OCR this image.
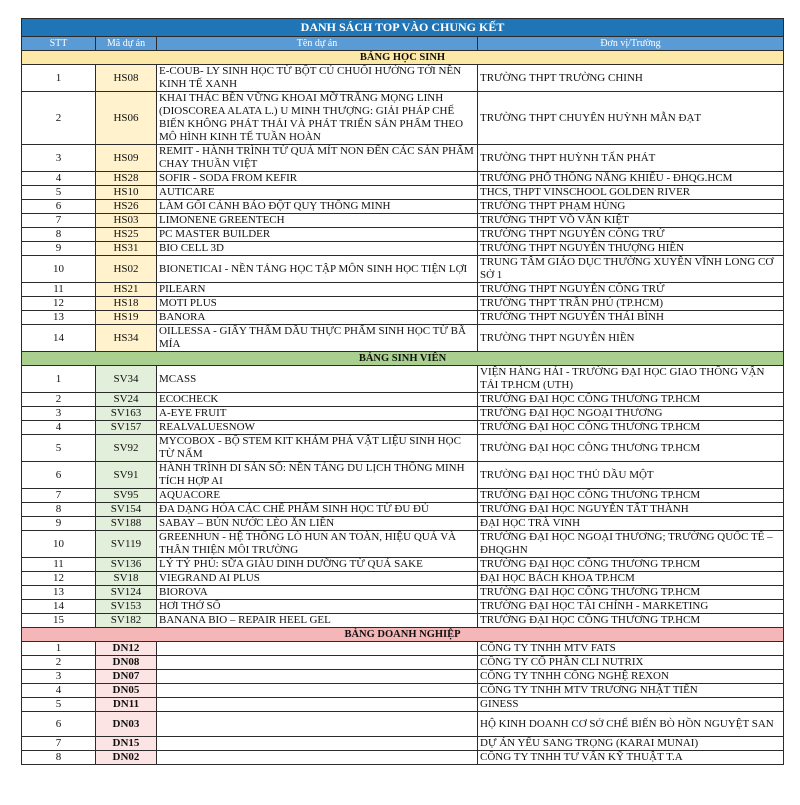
DANH SÁCH TOP VÀO CHUNG KẾT			
STT	Mã dự án	Tên dự án	Đơn vị/Trường
BẢNG HỌC SINH			
1	HS08	E-COUB- LY SINH HỌC TỪ BỘT CỦ CHUỐI HƯỚNG TỚI NỀN KINH TẾ XANH	TRƯỜNG THPT TRƯỜNG CHINH
2	HS06	KHAI THÁC BỀN VỮNG KHOAI MỠ TRẮNG MỌNG LINH (DIOSCOREA ALATA L.) U MINH THƯỢNG: GIẢI PHÁP CHẾ BIẾN KHÔNG PHÁT THẢI VÀ PHÁT TRIỂN SẢN PHẨM THEO MÔ HÌNH KINH TẾ TUẦN HOÀN	TRƯỜNG THPT CHUYÊN HUỲNH MẪN ĐẠT
3	HS09	REMIT - HÀNH TRÌNH TỪ QUẢ MÍT NON ĐẾN CÁC SẢN PHẨM CHAY THUẦN VIỆT	TRƯỜNG THPT HUỲNH TẤN PHÁT
4	HS28	SOFIR - SODA FROM KEFIR	TRƯỜNG PHỔ THÔNG NĂNG KHIẾU - ĐHQG.HCM
5	HS10	AUTICARE	THCS, THPT VINSCHOOL GOLDEN RIVER
6	HS26	LÀM GỐI CẢNH BÁO ĐỘT QUỴ THÔNG MINH	TRƯỜNG THPT PHẠM HÙNG
7	HS03	LIMONENE GREENTECH	TRƯỜNG THPT VÕ VĂN KIỆT
8	HS25	PC MASTER BUILDER	TRƯỜNG THPT NGUYỄN CÔNG TRỨ
9	HS31	BIO CELL 3D	TRƯỜNG THPT NGUYỄN THƯỢNG HIỀN
10	HS02	BIONETICAI - NỀN TẢNG HỌC TẬP MÔN SINH HỌC TIỆN LỢI	TRUNG TÂM GIÁO DỤC THƯỜNG XUYÊN VĨNH LONG CƠ SỞ 1
11	HS21	PILEARN	TRƯỜNG THPT NGUYỄN CÔNG TRỨ
12	HS18	MOTI PLUS	TRƯỜNG THPT TRẦN PHÚ (TP.HCM)
13	HS19	BANORA	TRƯỜNG THPT NGUYỄN THÁI BÌNH
14	HS34	OILLESSA - GIẤY THẤM DẦU THỰC PHẨM SINH HỌC TỪ BÃ MÍA	TRƯỜNG THPT NGUYỄN HIỀN
BẢNG SINH VIÊN			
1	SV34	MCASS	VIỆN HÀNG HẢI - TRƯỜNG ĐẠI HỌC GIAO THÔNG VẬN TẢI TP.HCM (UTH)
2	SV24	ECOCHECK	TRƯỜNG ĐẠI HỌC CÔNG THƯƠNG TP.HCM
3	SV163	A-EYE FRUIT	TRƯỜNG ĐẠI HỌC NGOẠI THƯƠNG
4	SV157	REALVALUESNOW	TRƯỜNG ĐẠI HỌC CÔNG THƯƠNG TP.HCM
5	SV92	MYCOBOX - BỘ STEM KIT KHÁM PHÁ VẬT LIỆU SINH HỌC TỪ NẤM	TRƯỜNG ĐẠI HỌC CÔNG THƯƠNG TP.HCM
6	SV91	HÀNH TRÌNH DI SẢN SỐ: NỀN TẢNG DU LỊCH THÔNG MINH TÍCH HỢP AI	TRƯỜNG ĐẠI HỌC THỦ DẦU MỘT
7	SV95	AQUACORE	TRƯỜNG ĐẠI HỌC CÔNG THƯƠNG TP.HCM
8	SV154	ĐA DẠNG HÓA CÁC CHẾ PHẨM SINH HỌC TỪ ĐU ĐỦ	TRƯỜNG ĐẠI HỌC NGUYỄN TẤT THÀNH
9	SV188	SABAY – BÚN NƯỚC LÈO ĂN LIỀN	ĐẠI HỌC TRÀ VINH
10	SV119	GREENHUN - HỆ THỐNG LÒ HUN AN TOÀN, HIỆU QUẢ VÀ THÂN THIỆN MÔI TRƯỜNG	TRƯỜNG ĐẠI HỌC NGOẠI THƯƠNG; TRƯỜNG QUỐC TẾ – ĐHQGHN
11	SV136	LÝ TỶ PHÚ: SỮA GIÀU DINH DƯỠNG TỪ QUÁ SAKE	TRƯỜNG ĐẠI HỌC CÔNG THƯƠNG TP.HCM
12	SV18	VIEGRAND AI PLUS	ĐẠI HỌC BÁCH KHOA TP.HCM
13	SV124	BIOROVA	TRƯỜNG ĐẠI HỌC CÔNG THƯƠNG TP.HCM
14	SV153	HƠI THỞ SỐ	TRƯỜNG ĐẠI HỌC TÀI CHÍNH - MARKETING
15	SV182	BANANA BIO – REPAIR HEEL GEL	TRƯỜNG ĐẠI HỌC CÔNG THƯƠNG TP.HCM
BẢNG DOANH NGHIỆP			
1	DN12		CÔNG TY TNHH MTV FATS
2	DN08		CÔNG TY CỔ PHẦN CLI NUTRIX
3	DN07		CÔNG TY TNHH CÔNG NGHỆ REXON
4	DN05		CÔNG TY TNHH MTV TRƯƠNG NHẬT TIẾN
5	DN11		GINESS
6	DN03		HỘ KINH DOANH CƠ SỞ CHẾ BIẾN BÒ HỒN NGUYỆT SAN
7	DN15		DỰ ÁN YẾU SANG TRỌNG (KARAI MUNAI)
8	DN02		CÔNG TY TNHH TƯ VẤN KỸ THUẬT T.A
